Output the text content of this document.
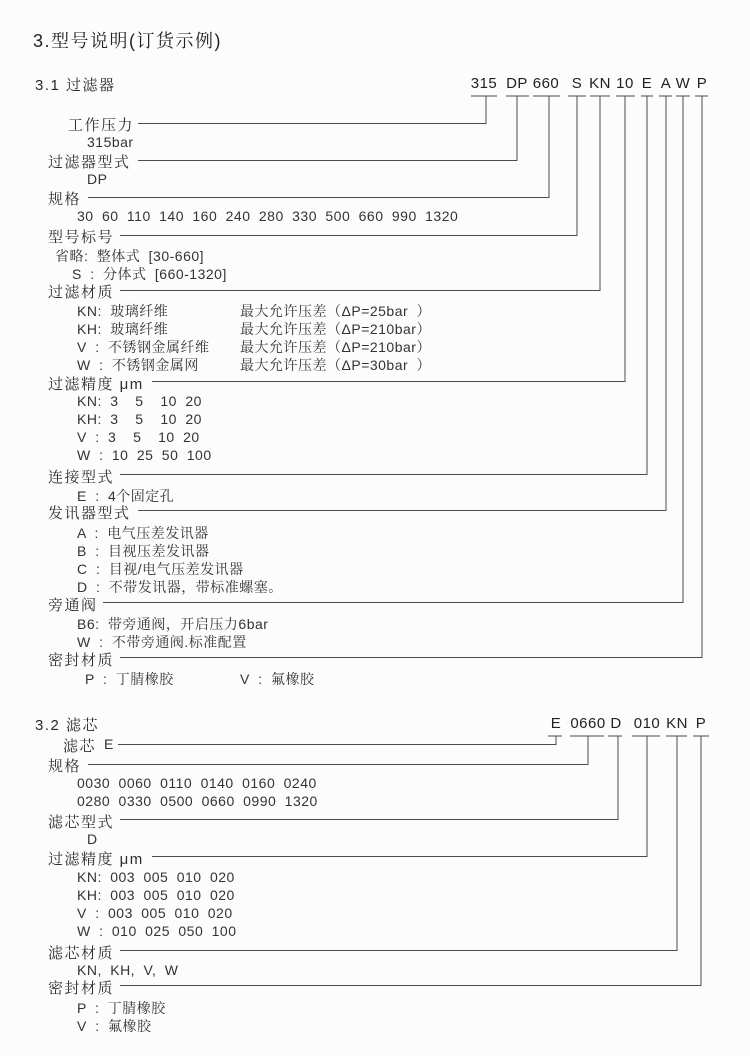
3.型号说明(订货示例)
3.1 过滤器	315 DP 660 S KN 10 E A W P
工作压力
315bar
过滤器型式
DP
规格
30 60 110 140 160 240 280 330 500 660 990 1320
型号标号
省略: 整体式 [30-660]
S : 分体式 [660-1320]
过滤材质
KN: 玻璃纤维	最大允许压差（ΔP=25bar ）
KH: 玻璃纤维	最大允许压差（ΔP=210bar）
V : 不锈钢金属纤维 最大允许压差（ΔP=210bar）
W : 不锈钢金属网	最大允许压差（ΔP=30bar ）
过滤精度 μm
KN: 3  5  10 20
KH: 3  5  10 20
V : 3  5  10 20
W : 10 25 50 100
连接型式
E : 4个固定孔
发讯器型式
A : 电气压差发讯器
B : 目视压差发讯器
C : 目视/电气压差发讯器
D : 不带发讯器，带标准螺塞。
旁通阀
B6: 带旁通阀，开启压力6bar
W : 不带旁通阀.标准配置
密封材质
P : 丁腈橡胶	V : 氟橡胶
3.2 滤芯	E 0660 D 010 KN P
滤芯 E
规格
0030 0060 0110 0140 0160 0240
0280 0330 0500 0660 0990 1320
滤芯型式
D
过滤精度 μm
KN: 003 005 010 020
KH: 003 005 010 020
V : 003 005 010 020
W : 010 025 050 100
滤芯材质
KN, KH, V, W
密封材质
P : 丁腈橡胶
V : 氟橡胶
